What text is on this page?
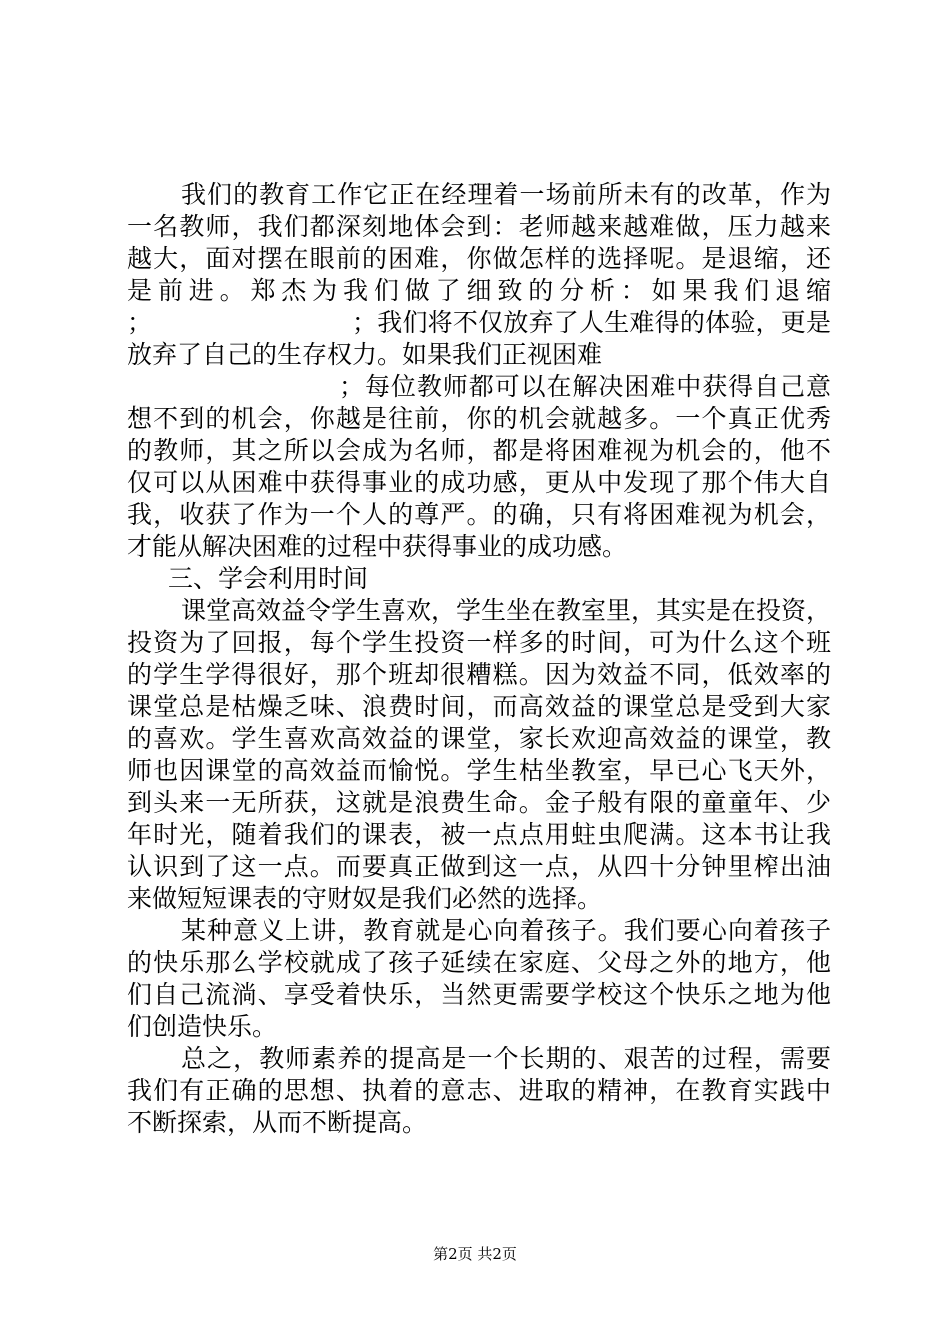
我们的教育工作它正在经理着一场前所未有的改革，作为
一名教师，我们都深刻地体会到：老师越来越难做，压力越来
越大，面对摆在眼前的困难，你做怎样的选择呢。是退缩，还
是前进。郑杰为我们做了细致的分析：如果我们退缩
；	；我们将不仅放弃了人生难得的体验，更是
放弃了自己的生存权力。如果我们正视困难
；每位教师都可以在解决困难中获得自己意
想不到的机会，你越是往前，你的机会就越多。一个真正优秀
的教师，其之所以会成为名师，都是将困难视为机会的，他不
仅可以从困难中获得事业的成功感，更从中发现了那个伟大自
我，收获了作为一个人的尊严。的确，只有将困难视为机会，
才能从解决困难的过程中获得事业的成功感。
三、学会利用时间
课堂高效益令学生喜欢，学生坐在教室里，其实是在投资，
投资为了回报，每个学生投资一样多的时间，可为什么这个班
的学生学得很好，那个班却很糟糕。因为效益不同，低效率的
课堂总是枯燥乏味、浪费时间，而高效益的课堂总是受到大家
的喜欢。学生喜欢高效益的课堂，家长欢迎高效益的课堂，教
师也因课堂的高效益而愉悦。学生枯坐教室，早已心飞天外，
到头来一无所获，这就是浪费生命。金子般有限的童童年、少
年时光，随着我们的课表，被一点点用蛀虫爬满。这本书让我
认识到了这一点。而要真正做到这一点，从四十分钟里榨出油
来做短短课表的守财奴是我们必然的选择。
某种意义上讲，教育就是心向着孩子。我们要心向着孩子
的快乐那么学校就成了孩子延续在家庭、父母之外的地方，他
们自己流淌、享受着快乐，当然更需要学校这个快乐之地为他
们创造快乐。
总之，教师素养的提高是一个长期的、艰苦的过程，需要
我们有正确的思想、执着的意志、进取的精神，在教育实践中
不断探索，从而不断提高。
第2页 共2页
